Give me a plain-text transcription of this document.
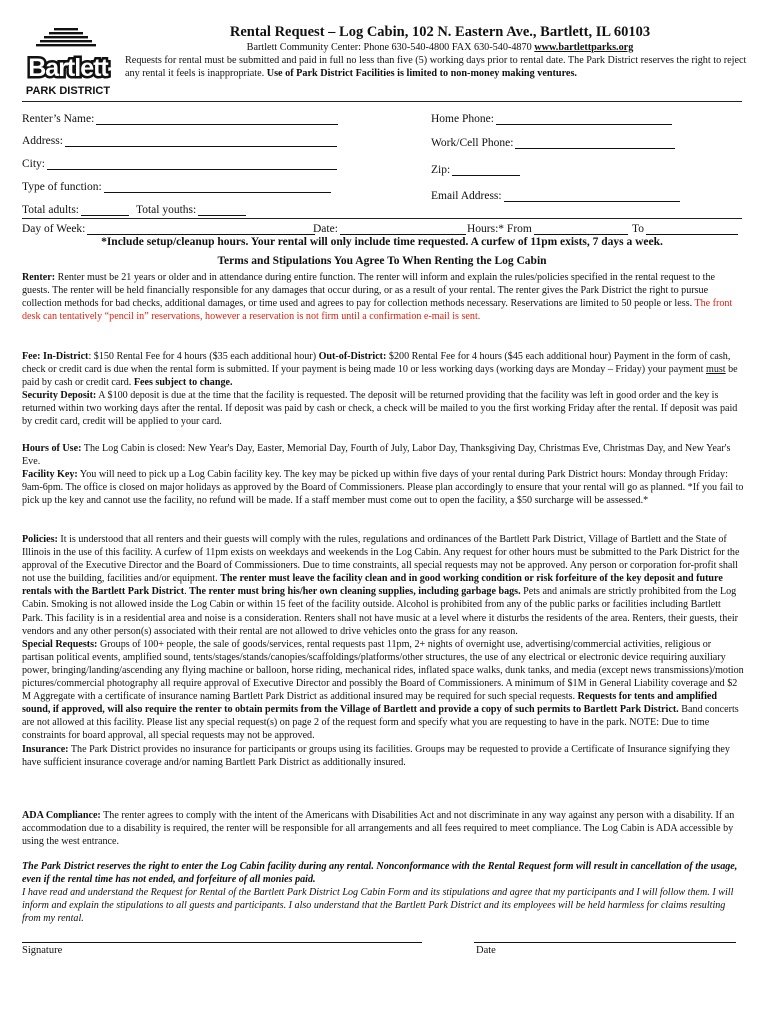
Bartlett
PARK DISTRICT
Rental Request – Log Cabin, 102 N. Eastern Ave., Bartlett, IL 60103
Bartlett Community Center: Phone 630-540-4800 FAX 630-540-4870 www.bartlettparks.org
Requests for rental must be submitted and paid in full no less than five (5) working days prior to rental date. The Park District reserves the right to reject any rental it feels is inappropriate. Use of Park District Facilities is limited to non-money making ventures.
Renter’s Name:	Home Phone:
Address:	Work/Cell Phone:
City:	Zip:
Type of function:
Email Address:
Total adults:	Total youths:
Day of Week:	Date:	Hours:* From	To
*Include setup/cleanup hours. Your rental will only include time requested. A curfew of 11pm exists, 7 days a week.
Terms and Stipulations You Agree To When Renting the Log Cabin

Renter: Renter must be 21 years or older and in attendance during entire function. The renter will inform and explain the rules/policies specified in the rental request to the guests. The renter will be held financially responsible for any damages that occur during, or as a result of your rental. The renter gives the Park District the right to pursue collection methods for bad checks, additional damages, or time used and agrees to pay for collection methods necessary. Reservations are limited to 50 people or less. The front desk can tentatively “pencil in” reservations, however a reservation is not firm until a confirmation e-mail is sent.

Fee: In-District: $150 Rental Fee for 4 hours ($35 each additional hour) Out-of-District: $200 Rental Fee for 4 hours ($45 each additional hour) Payment in the form of cash, check or credit card is due when the rental form is submitted. If your payment is being made 10 or less working days (working days are Monday – Friday) your payment must be paid by cash or credit card. Fees subject to change.

Security Deposit: A $100 deposit is due at the time that the facility is requested. The deposit will be returned providing that the facility was left in good order and the key is returned within two working days after the rental. If deposit was paid by cash or check, a check will be mailed to you the first working Friday after the rental. If deposit was paid by credit card, credit will be applied to your card.

Hours of Use: The Log Cabin is closed: New Year's Day, Easter, Memorial Day, Fourth of July, Labor Day, Thanksgiving Day, Christmas Eve, Christmas Day, and New Year's Eve.

Facility Key: You will need to pick up a Log Cabin facility key. The key may be picked up within five days of your rental during Park District hours: Monday through Friday: 9am-6pm. The office is closed on major holidays as approved by the Board of Commissioners. Please plan accordingly to ensure that your rental will go as planned. *If you fail to pick up the key and cannot use the facility, no refund will be made. If a staff member must come out to open the facility, a $50 surcharge will be assessed.*

Policies: It is understood that all renters and their guests will comply with the rules, regulations and ordinances of the Bartlett Park District, Village of Bartlett and the State of Illinois in the use of this facility. A curfew of 11pm exists on weekdays and weekends in the Log Cabin. Any request for other hours must be submitted to the Park District for the approval of the Executive Director and the Board of Commissioners. Due to time constraints, all special requests may not be approved. Any person or corporation for-profit shall not use the building, facilities and/or equipment. The renter must leave the facility clean and in good working condition or risk forfeiture of the key deposit and future rentals with the Bartlett Park District. The renter must bring his/her own cleaning supplies, including garbage bags. Pets and animals are strictly prohibited from the Log Cabin. Smoking is not allowed inside the Log Cabin or within 15 feet of the facility outside. Alcohol is prohibited from any of the public parks or facilities including Bartlett Park. This facility is in a residential area and noise is a consideration. Renters shall not have music at a level where it disturbs the residents of the area. Renters, their guests, their vendors and any other person(s) associated with their rental are not allowed to drive vehicles onto the grass for any reason.

Special Requests: Groups of 100+ people, the sale of goods/services, rental requests past 11pm, 2+ nights of overnight use, advertising/commercial activities, religious or partisan political events, amplified sound, tents/stages/stands/canopies/scaffoldings/platforms/other structures, the use of any electrical or electronic device requiring auxiliary power, bringing/landing/ascending any flying machine or balloon, horse riding, mechanical rides, inflated space walks, dunk tanks, and media (except news transmissions)/motion pictures/commercial photography all require approval of Executive Director and possibly the Board of Commissioners. A minimum of $1M in General Liability coverage and $2 M Aggregate with a certificate of insurance naming Bartlett Park District as additional insured may be required for such special requests. Requests for tents and amplified sound, if approved, will also require the renter to obtain permits from the Village of Bartlett and provide a copy of such permits to Bartlett Park District. Band concerts are not allowed at this facility. Please list any special request(s) on page 2 of the request form and specify what you are requesting to have in the park. NOTE: Due to time constraints for board approval, all special requests may not be approved.

Insurance: The Park District provides no insurance for participants or groups using its facilities. Groups may be requested to provide a Certificate of Insurance signifying they have sufficient insurance coverage and/or naming Bartlett Park District as additionally insured.

ADA Compliance: The renter agrees to comply with the intent of the Americans with Disabilities Act and not discriminate in any way against any person with a disability. If an accommodation due to a disability is required, the renter will be responsible for all arrangements and all fees required to meet compliance. The Log Cabin is ADA accessible by using the west entrance.

The Park District reserves the right to enter the Log Cabin facility during any rental. Nonconformance with the Rental Request form will result in cancellation of the usage, even if the rental time has not ended, and forfeiture of all monies paid.

I have read and understand the Request for Rental of the Bartlett Park District Log Cabin Form and its stipulations and agree that my participants and I will follow them. I will inform and explain the stipulations to all guests and participants. I also understand that the Bartlett Park District and its employees will be held harmless for claims resulting from my rental.

Signature	Date
